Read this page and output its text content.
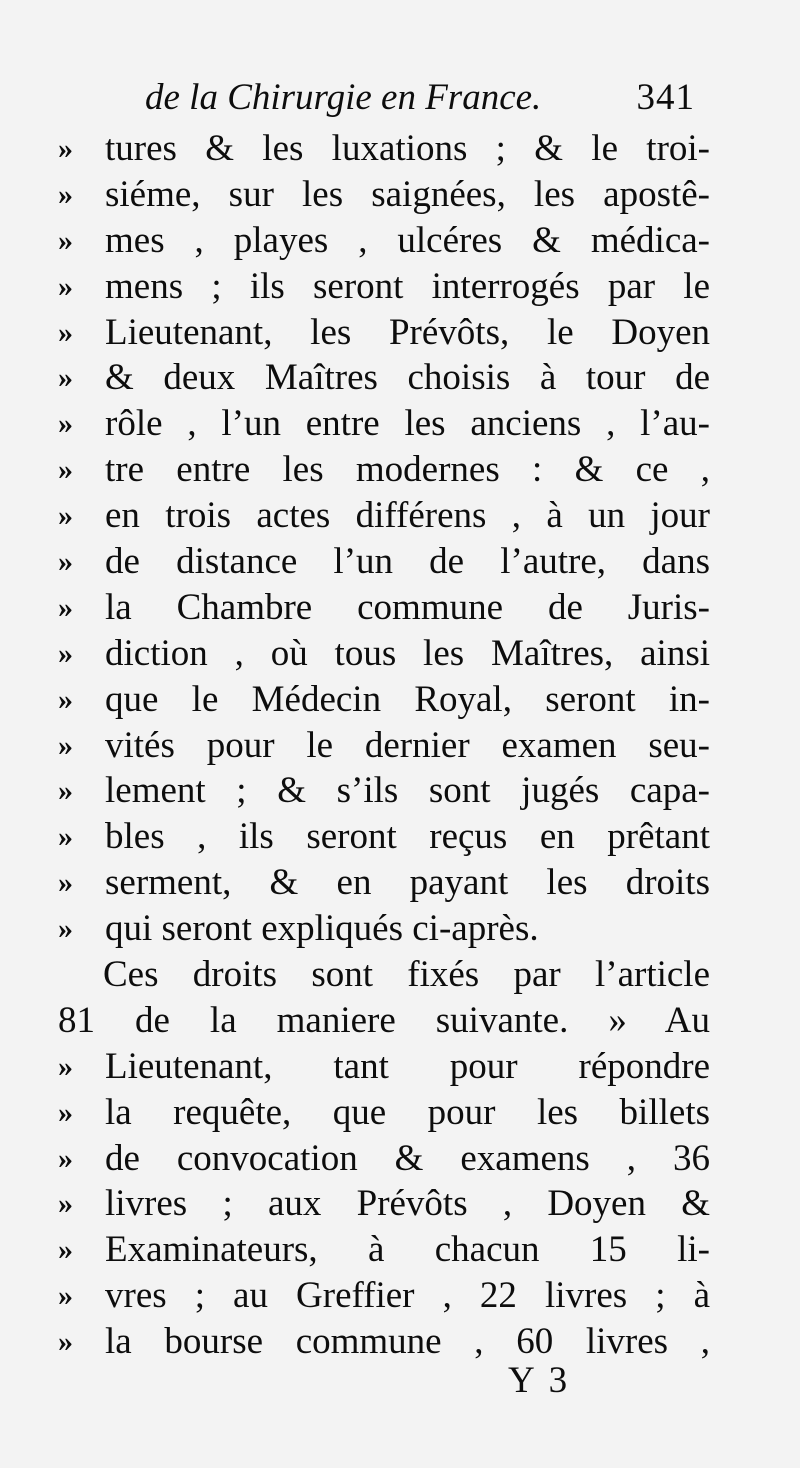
de la Chirurgie en France.	341
» tures & les luxations ; & le troi-
» siéme, sur les saignées, les apostê-
» mes , playes , ulcéres & médica-
» mens ; ils seront interrogés par le
» Lieutenant, les Prévôts, le Doyen
» & deux Maîtres choisis à tour de
» rôle , l’un entre les anciens , l’au-
» tre entre les modernes : & ce ,
» en trois actes différens , à un jour
» de distance l’un de l’autre, dans
» la Chambre commune de Juris-
» diction , où tous les Maîtres, ainsi
» que le Médecin Royal, seront in-
» vités pour le dernier examen seu-
» lement ; & s’ils sont jugés capa-
» bles , ils seront reçus en prêtant
» serment, & en payant les droits
» qui seront expliqués ci-après.
Ces droits sont fixés par l’article
81 de la maniere suivante. » Au
» Lieutenant, tant pour répondre
» la requête, que pour les billets
» de convocation & examens , 36
» livres ; aux Prévôts , Doyen &
» Examinateurs, à chacun 15 li-
» vres ; au Greffier , 22 livres ; à
» la bourse commune , 60 livres ,
Y 3
